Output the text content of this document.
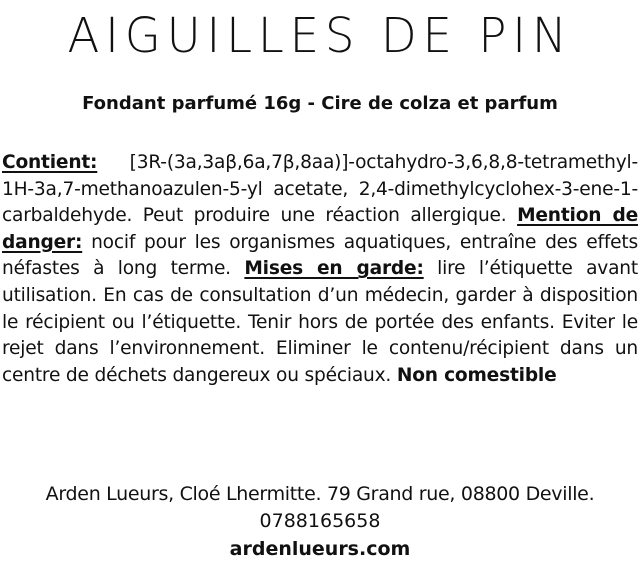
AIGUILLES DE PIN

Fondant parfumé 16g - Cire de colza et parfum

Contient: [3R-(3a,3aβ,6a,7β,8aa)]-octahydro-3,6,8,8-tetramethyl-1H-3a,7-methanoazulen-5-yl acetate, 2,4-dimethylcyclohex-3-ene-1-carbaldehyde. Peut produire une réaction allergique. Mention de danger: nocif pour les organismes aquatiques, entraîne des effets néfastes à long terme. Mises en garde: lire l’étiquette avant utilisation. En cas de consultation d’un médecin, garder à disposition le récipient ou l’étiquette. Tenir hors de portée des enfants. Eviter le rejet dans l’environnement. Eliminer le contenu/récipient dans un centre de déchets dangereux ou spéciaux. Non comestible

Arden Lueurs, Cloé Lhermitte. 79 Grand rue, 08800 Deville.

0788165658

ardenlueurs.com
